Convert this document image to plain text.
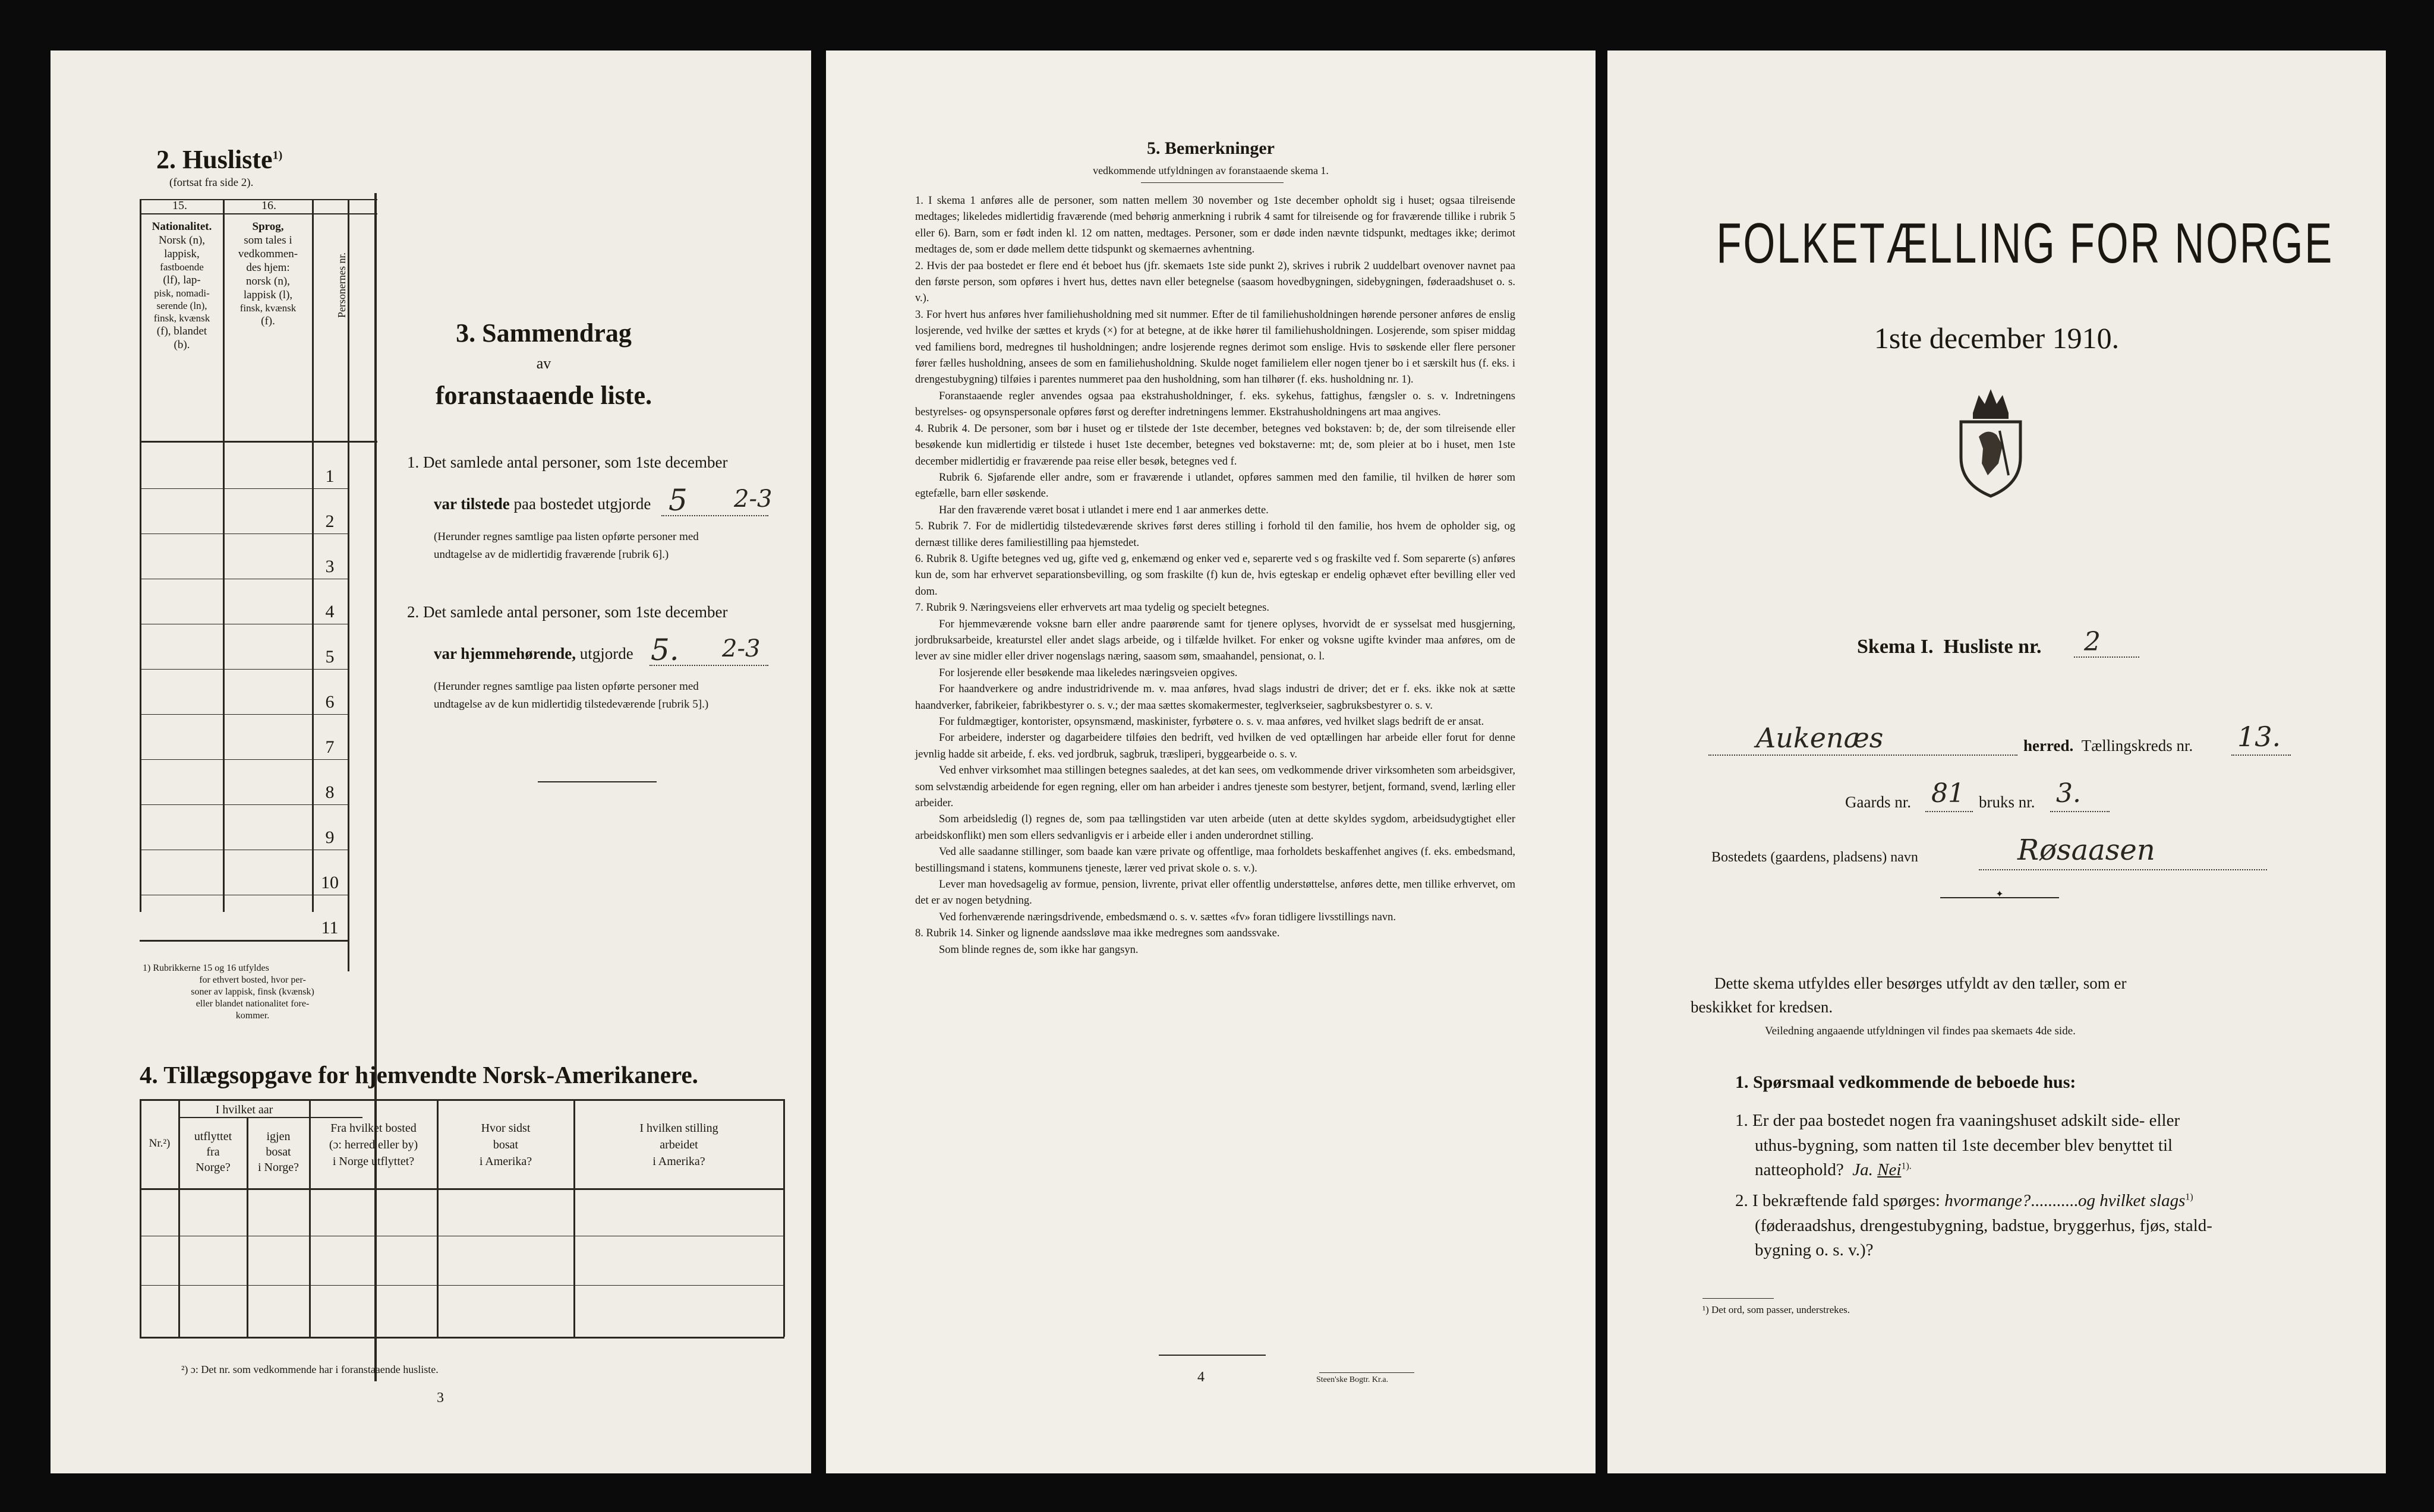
2. Husliste$^{1)}$
(fortsat fra side 2).
15.	16.
Nationalitet.
Norsk (n),
lappisk,
fastboende
(lf), lap-
pisk, nomadi-
serende (ln),
finsk, kvænsk
(f), blandet
(b).
Sprog,
som tales i
vedkommen-
des hjem:
norsk (n),
lappisk (l),
finsk, kvænsk
(f).
Personernes nr.
1
2
3
4
5
6
7
8
9
10
11
1) Rubrikkerne 15 og 16 utfyldes
for ethvert bosted, hvor per-
soner av lappisk, finsk (kvænsk)
eller blandet nationalitet fore-
kommer.
3. Sammendrag
av
foranstaaende liste.
1. Det samlede antal personer, som 1ste december
var tilstede paa bostedet utgjorde 5 2-3
(Herunder regnes samtlige paa listen opførte personer med
undtagelse av de midlertidig fraværende [rubrik 6].)
2. Det samlede antal personer, som 1ste december
var hjemmehørende, utgjorde 5. 2-3
(Herunder regnes samtlige paa listen opførte personer med
undtagelse av de kun midlertidig tilstedeværende [rubrik 5].)
4. Tillægsopgave for hjemvendte Norsk-Amerikanere.
Nr.²)
I hvilket aar
utflyttet
fra
Norge?
igjen
bosat
i Norge?
Fra hvilket bosted
(ɔ: herred eller by)
i Norge utflyttet?
Hvor sidst
bosat
i Amerika?
I hvilken stilling
arbeidet
i Amerika?
²) ɔ: Det nr. som vedkommende har i foranstaaende husliste.
3
5. Bemerkninger
vedkommende utfyldningen av foranstaaende skema 1.
1. I skema 1 anføres alle de personer, som natten mellem 30 november og 1ste december opholdt sig i huset; ogsaa tilreisende medtages; likeledes midlertidig fraværende (med behørig anmerkning i rubrik 4 samt for tilreisende og for fraværende tillike i rubrik 5 eller 6). Barn, som er født inden kl. 12 om natten, medtages. Personer, som er døde inden nævnte tidspunkt, medtages ikke; derimot medtages de, som er døde mellem dette tidspunkt og skemaernes avhentning.
2. Hvis der paa bostedet er flere end ét beboet hus (jfr. skemaets 1ste side punkt 2), skrives i rubrik 2 uuddelbart ovenover navnet paa den første person, som opføres i hvert hus, dettes navn eller betegnelse (saasom hovedbygningen, sidebygningen, føderaadshuset o. s. v.).
3. For hvert hus anføres hver familiehusholdning med sit nummer. Efter de til familiehusholdningen hørende personer anføres de enslig losjerende, ved hvilke der sættes et kryds (×) for at betegne, at de ikke hører til familiehusholdningen. Losjerende, som spiser middag ved familiens bord, medregnes til husholdningen; andre losjerende regnes derimot som enslige. Hvis to søskende eller flere personer fører fælles husholdning, ansees de som en familiehusholdning. Skulde noget familielem eller nogen tjener bo i et særskilt hus (f. eks. i drengestubygning) tilføies i parentes nummeret paa den husholdning, som han tilhører (f. eks. husholdning nr. 1).
Foranstaaende regler anvendes ogsaa paa ekstrahusholdninger, f. eks. sykehus, fattighus, fængsler o. s. v. Indretningens bestyrelses- og opsynspersonale opføres først og derefter indretningens lemmer. Ekstrahusholdningens art maa angives.
4. Rubrik 4. De personer, som bør i huset og er tilstede der 1ste december, betegnes ved bokstaven: b; de, der som tilreisende eller besøkende kun midlertidig er tilstede i huset 1ste december, betegnes ved bokstaverne: mt; de, som pleier at bo i huset, men 1ste december midlertidig er fraværende paa reise eller besøk, betegnes ved f.
Rubrik 6. Sjøfarende eller andre, som er fraværende i utlandet, opføres sammen med den familie, til hvilken de hører som egtefælle, barn eller søskende.
Har den fraværende været bosat i utlandet i mere end 1 aar anmerkes dette.
5. Rubrik 7. For de midlertidig tilstedeværende skrives først deres stilling i forhold til den familie, hos hvem de opholder sig, og dernæst tillike deres familiestilling paa hjemstedet.
6. Rubrik 8. Ugifte betegnes ved ug, gifte ved g, enkemænd og enker ved e, separerte ved s og fraskilte ved f. Som separerte (s) anføres kun de, som har erhvervet separationsbevilling, og som fraskilte (f) kun de, hvis egteskap er endelig ophævet efter bevilling eller ved dom.
7. Rubrik 9. Næringsveiens eller erhvervets art maa tydelig og specielt betegnes.
For hjemmeværende voksne barn eller andre paarørende samt for tjenere oplyses, hvorvidt de er sysselsat med husgjerning, jordbruksarbeide, kreaturstel eller andet slags arbeide, og i tilfælde hvilket. For enker og voksne ugifte kvinder maa anføres, om de lever av sine midler eller driver nogenslags næring, saasom søm, smaahandel, pensionat, o. l.
For losjerende eller besøkende maa likeledes næringsveien opgives.
For haandverkere og andre industridrivende m. v. maa anføres, hvad slags industri de driver; det er f. eks. ikke nok at sætte haandverker, fabrikeier, fabrikbestyrer o. s. v.; der maa sættes skomakermester, teglverkseier, sagbruksbestyrer o. s. v.
For fuldmægtiger, kontorister, opsynsmænd, maskinister, fyrbøtere o. s. v. maa anføres, ved hvilket slags bedrift de er ansat.
For arbeidere, inderster og dagarbeidere tilføies den bedrift, ved hvilken de ved optællingen har arbeide eller forut for denne jevnlig hadde sit arbeide, f. eks. ved jordbruk, sagbruk, træsliperi, byggearbeide o. s. v.
Ved enhver virksomhet maa stillingen betegnes saaledes, at det kan sees, om vedkommende driver virksomheten som arbeidsgiver, som selvstændig arbeidende for egen regning, eller om han arbeider i andres tjeneste som bestyrer, betjent, formand, svend, lærling eller arbeider.
Som arbeidsledig (l) regnes de, som paa tællingstiden var uten arbeide (uten at dette skyldes sygdom, arbeidsudygtighet eller arbeidskonflikt) men som ellers sedvanligvis er i arbeide eller i anden underordnet stilling.
Ved alle saadanne stillinger, som baade kan være private og offentlige, maa forholdets beskaffenhet angives (f. eks. embedsmand, bestillingsmand i statens, kommunens tjeneste, lærer ved privat skole o. s. v.).
Lever man hovedsagelig av formue, pension, livrente, privat eller offentlig understøttelse, anføres dette, men tillike erhvervet, om det er av nogen betydning.
Ved forhenværende næringsdrivende, embedsmænd o. s. v. sættes «fv» foran tidligere livsstillings navn.
8. Rubrik 14. Sinker og lignende aandssløve maa ikke medregnes som aandssvake.
Som blinde regnes de, som ikke har gangsyn.
4	Steen'ske Bogtr. Kr.a.
FOLKETÆLLING FOR NORGE
1ste december 1910.
Skema I. Husliste nr. 2
Aukenæs	herred. Tællingskreds nr. 13.
Gaards nr. 81 bruks nr. 3.
Bostedets (gaardens, pladsens) navn	Røsaasen
✦
Dette skema utfyldes eller besørges utfyldt av den tæller, som er
beskikket for kredsen.
Veiledning angaaende utfyldningen vil findes paa skemaets 4de side.
1. Spørsmaal vedkommende de beboede hus:
1. Er der paa bostedet nogen fra vaaningshuset adskilt side- eller
uthus-bygning, som natten til 1ste december blev benyttet til
natteophold? Ja. Nei$^{1).}$
2. I bekræftende fald spørges: hvormange?...........og hvilket slags$^{1)}$
(føderaadshus, drengestubygning, badstue, bryggerhus, fjøs, stald-
bygning o. s. v.)?
¹) Det ord, som passer, understrekes.
